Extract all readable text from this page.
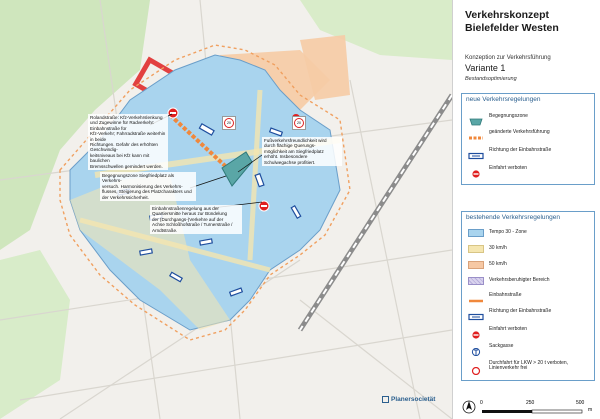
20	20
Rolandstraße: Kfz-Verkehrslenkung
und Zugewinne für Radverkehr: Einbahnstraße für
Kfz-Verkehr; Fahrradstraße weiterhin in beide
Richtungen. Gefahr des erhöhten Geschwindig-
keitsniveaus bei Kfz kann mit baulichen
Bremsschwellen gemindert werden.
Fußverkehrsfreundlichkeit wird
durch flächige Querungs-
möglichkeit am Siegfriedplatz
erhöht. Insbesondere
Schulwegachse profitiert.
Begegnungszone Siegfriedplatz als Verkehrs-
versuch. Harmonisierung des Verkehrs-
flusses, Steigerung des Platzcharakters und
der Verkehrssicherheit.
Einbahnstraßenregelung aus der
Quartiersmitte heraus zur Bündelung
der (Durchgangs-)Verkehre auf der
Achse Schloßhofstraße / Turnerstraße /
Arndtstraße.
Planersocietät
Verkehrskonzept
Bielefelder Westen
Konzeption zur Verkehrsführung
Variante 1
Bestandsoptimierung
neue Verkehrsregelungen
Begegnungszone
geänderte Verkehrsführung
Richtung der Einbahnstraße
Einfahrt verboten
bestehende Verkehrsregelungen
Tempo 30 - Zone
30 km/h
50 km/h
Verkehrsberuhigter Bereich
Einbahnstraße
Richtung der Einbahnstraße
Einfahrt verboten
Sackgasse
Durchfahrt für LKW > 20 t verboten,
Linienverkehr frei
0	250	500
m
